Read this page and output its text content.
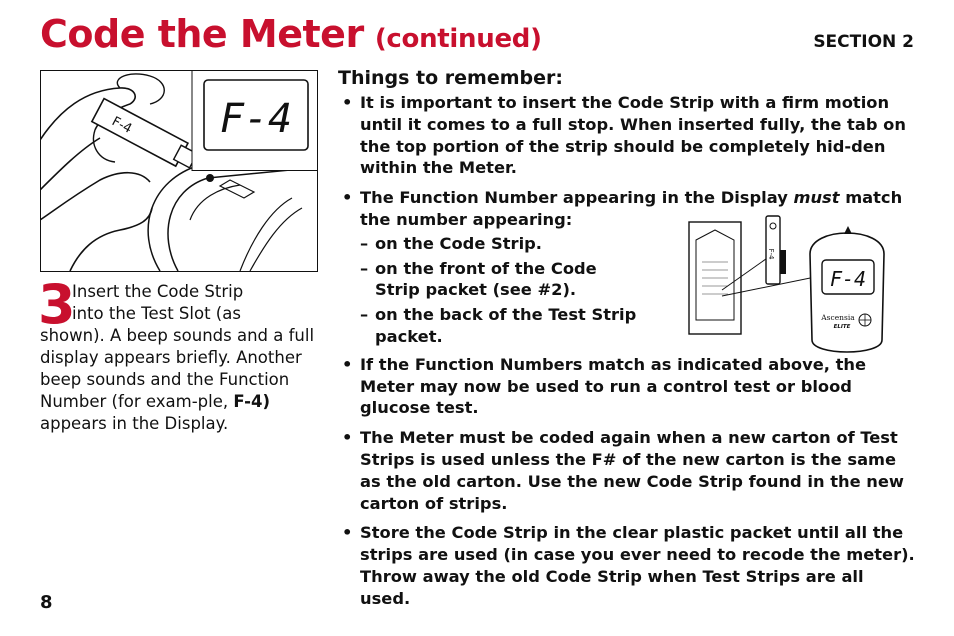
Code the Meter (continued)	SECTION 2
F-4 F-4
3

Insert the Code Strip
into the Test Slot (as
shown). A beep sounds and a full display appears briefly. Another beep sounds and the Function Number (for exam-ple, F-4) appears in the Display.

Things to remember:

• It is important to insert the Code Strip with a firm motion until it comes to a full stop. When inserted fully, the tab on the top portion of the strip should be completely hid-den within the Meter.

• The Function Number appearing in the Display must match the number appearing:

– on the Code Strip.

– on the front of the Code Strip packet (see #2).

– on the back of the Test Strip packet.

• If the Function Numbers match as indicated above, the Meter may now be used to run a control test or blood glucose test.

• The Meter must be coded again when a new carton of Test Strips is used unless the F# of the new carton is the same as the old carton. Use the new Code Strip found in the new carton of strips.

• Store the Code Strip in the clear plastic packet until all the strips are used (in case you ever need to recode the meter). Throw away the old Code Strip when Test Strips are all used.

F-4
F-4
Ascensia
ELITE
8
